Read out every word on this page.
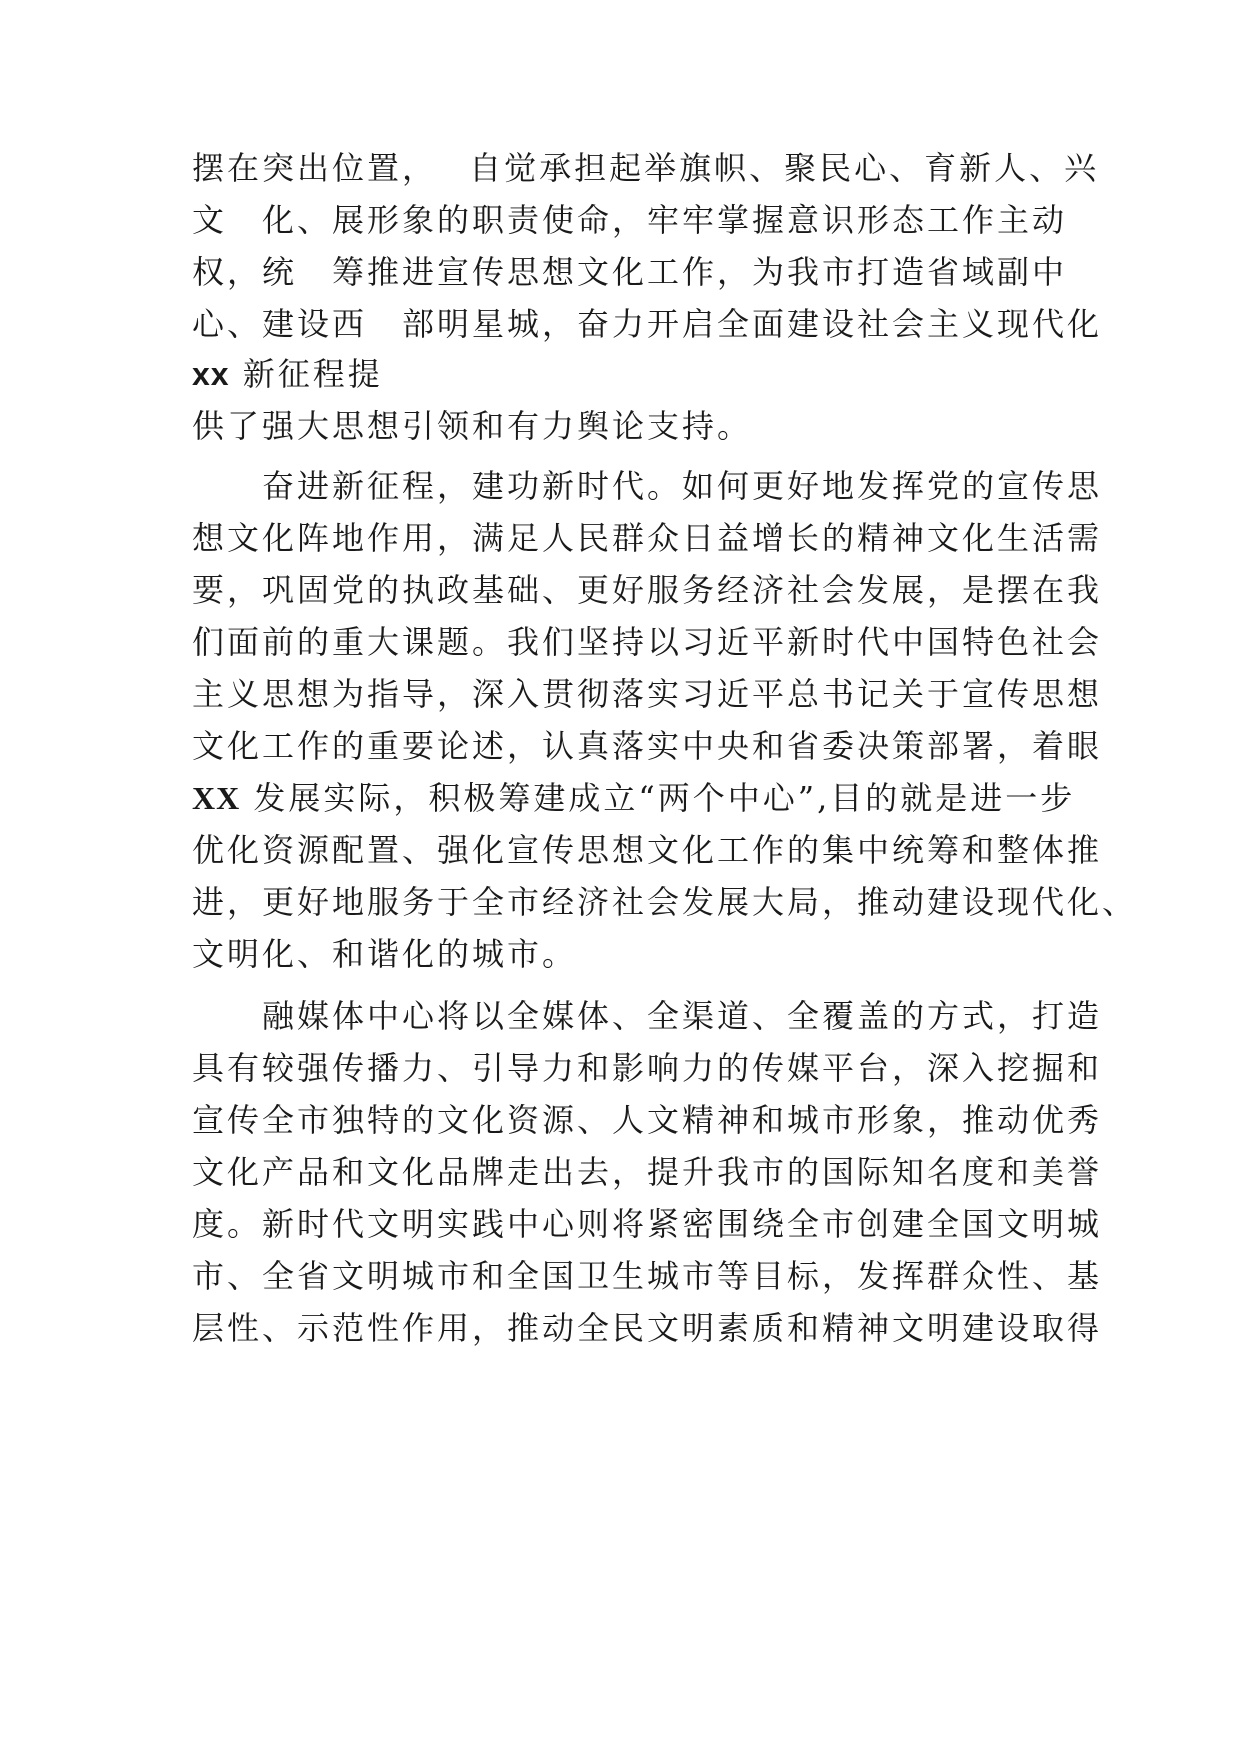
摆在突出位置，　 自觉承担起举旗帜、聚民心、育新人、兴
文　化、展形象的职责使命，牢牢掌握意识形态工作主动
权，统　筹推进宣传思想文化工作，为我市打造省域副中
心、建设西　部明星城，奋力开启全面建设社会主义现代化
xx 新征程提
供了强大思想引领和有力舆论支持。
奋进新征程，建功新时代。如何更好地发挥党的宣传思
想文化阵地作用，满足人民群众日益增长的精神文化生活需
要，巩固党的执政基础、更好服务经济社会发展，是摆在我
们面前的重大课题。我们坚持以习近平新时代中国特色社会
主义思想为指导，深入贯彻落实习近平总书记关于宣传思想
文化工作的重要论述，认真落实中央和省委决策部署，着眼
XX 发展实际，积极筹建成立“两个中心”,目的就是进一步
优化资源配置、强化宣传思想文化工作的集中统筹和整体推
进，更好地服务于全市经济社会发展大局，推动建设现代化、
文明化、和谐化的城市。
融媒体中心将以全媒体、全渠道、全覆盖的方式，打造
具有较强传播力、引导力和影响力的传媒平台，深入挖掘和
宣传全市独特的文化资源、人文精神和城市形象，推动优秀
文化产品和文化品牌走出去，提升我市的国际知名度和美誉
度。新时代文明实践中心则将紧密围绕全市创建全国文明城
市、全省文明城市和全国卫生城市等目标，发挥群众性、基
层性、示范性作用，推动全民文明素质和精神文明建设取得
